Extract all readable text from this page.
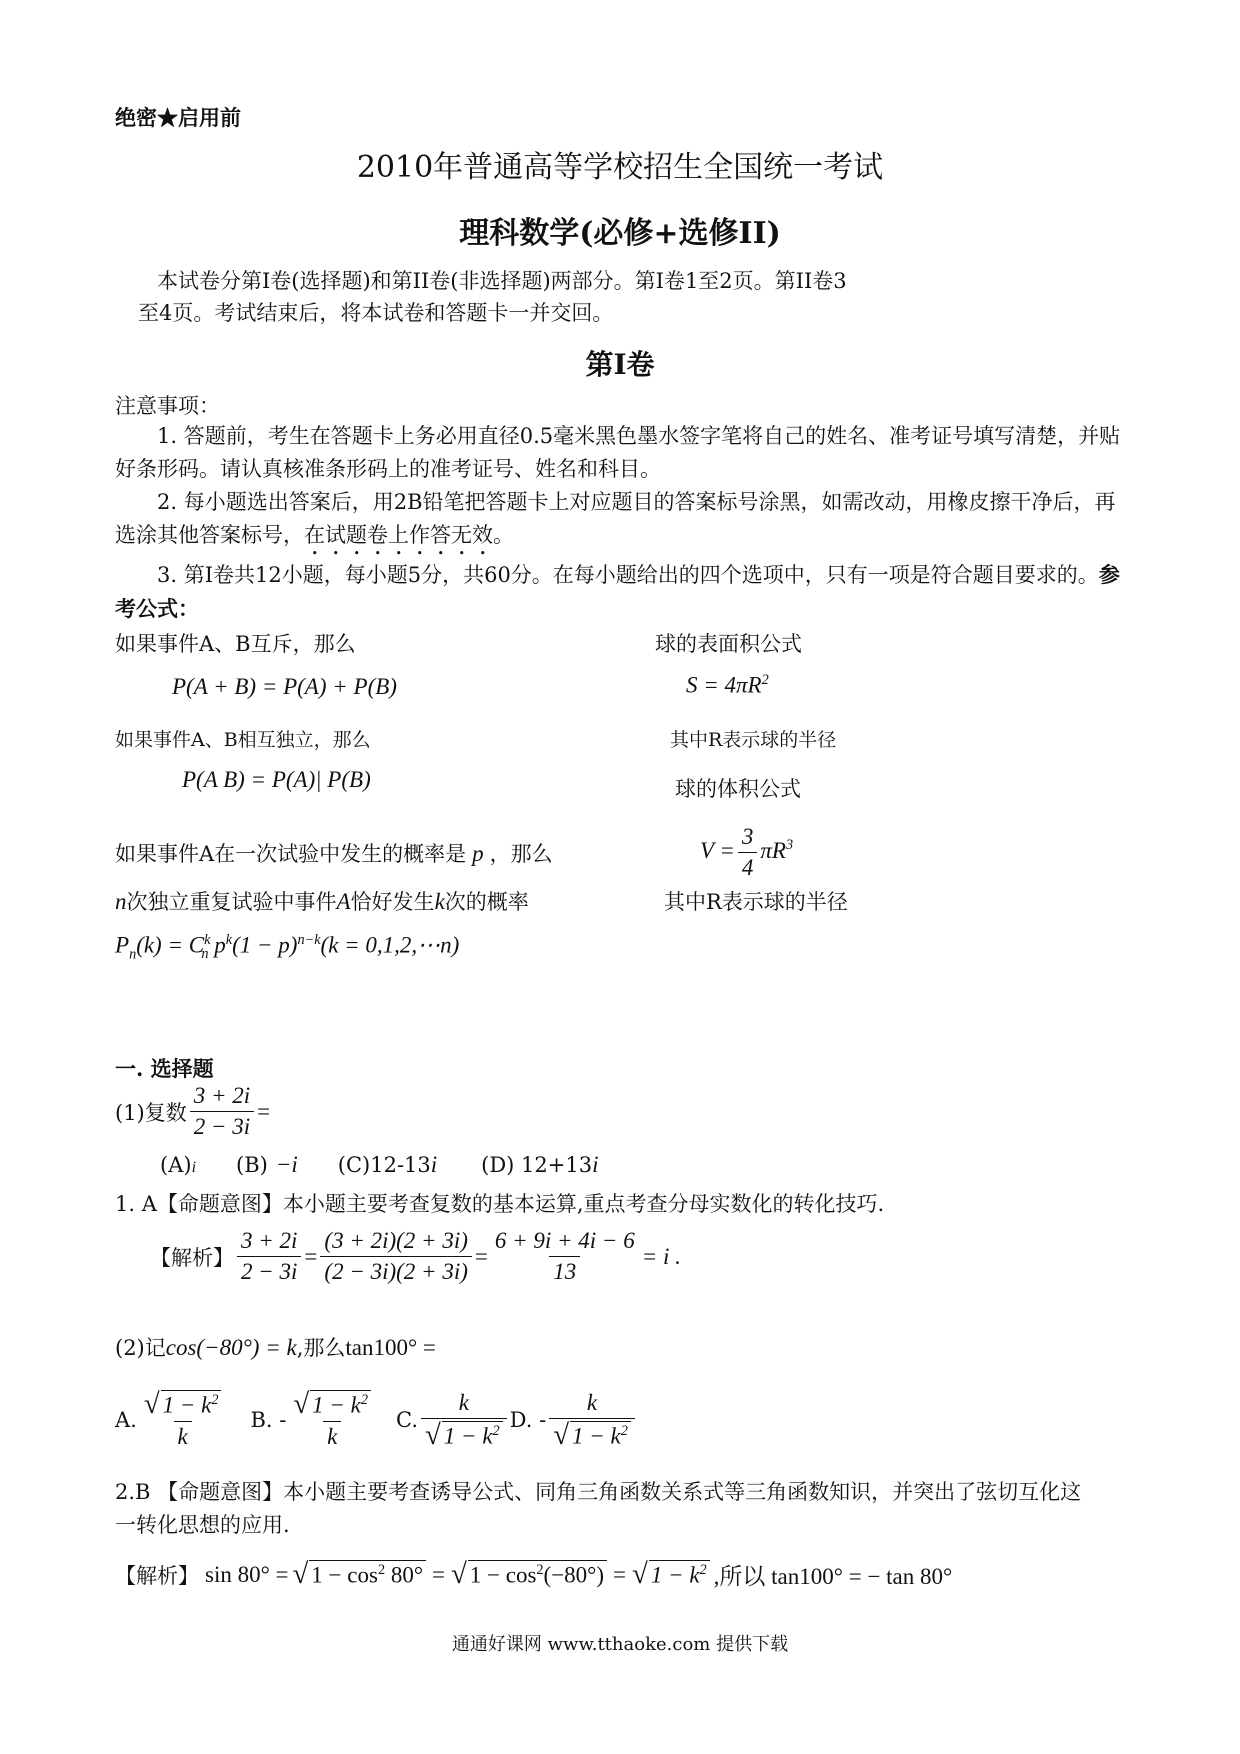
绝密★启用前
2010年普通高等学校招生全国统一考试
理科数学(必修+选修II)
本试卷分第I卷(选择题)和第II卷(非选择题)两部分。第I卷1至2页。第II卷3
至4页。考试结束后，将本试卷和答题卡一并交回。
第I卷
注意事项：
1. 答题前，考生在答题卡上务必用直径0.5毫米黑色墨水签字笔将自己的姓名、准考证号填写清楚，并贴好条形码。请认真核准条形码上的准考证号、姓名和科目。
2. 每小题选出答案后，用2B铅笔把答题卡上对应题目的答案标号涂黑，如需改动，用橡皮擦干净后，再选涂其他答案标号，在试题卷上作答无效。
3. 第I卷共12小题，每小题5分，共60分。在每小题给出的四个选项中，只有一项是符合题目要求的。参考公式：
如果事件A、B互斥，那么
P(A + B) = P(A) + P(B)
如果事件A、B相互独立，那么
P(A B) = P(A)| P(B)
如果事件A在一次试验中发生的概率是 p ，那么
n次独立重复试验中事件A恰好发生k次的概率
$P_n(k) = C^k_n$ $p^k(1 - p)^{n-k}(k$ = 0,1,2,⋯n)
球的表面积公式
$S = 4\pi R^2$
其中R表示球的半径
球的体积公式
$V = \frac{3}{4} \pi R^3$
其中R表示球的半径
一. 选择题
(1)复数 $\frac{3 + 2i}{2 - 3i}$ =
(A)i (B) −i (C)12-13i (D) 12+13i
1. A【命题意图】本小题主要考查复数的基本运算,重点考查分母实数化的转化技巧.
【解析】 $\frac{3 + 2i}{2 - 3i} = \frac{(3 + 2i)(2 + 3i)}{(2 - 3i)(2 + 3i)} = \frac{6 + 9i + 4i - 6}{13} = i$ .
(2)记cos(−80°) = k,那么tan100° =
A. $\frac{√ 1 - k^2}{k} B$. - $\frac{√ 1 - k^2}{k} C$. $\frac{k}{√ 1 - k^2} D$. - $\frac{k}{√ 1 - k^2}$
2.B 【命题意图】本小题主要考查诱导公式、同角三角函数关系式等三角函数知识，并突出了弦切互化这
一转化思想的应用.
【解析】 sin 80° = √ $1 - \cos^2 80^\circ$ = √ $1 - \cos^2(-80^\circ)$ = √ $1 - k^2$ ,所以 tan100° = − tan 80°
通通好课网 www.tthaoke.com 提供下载
